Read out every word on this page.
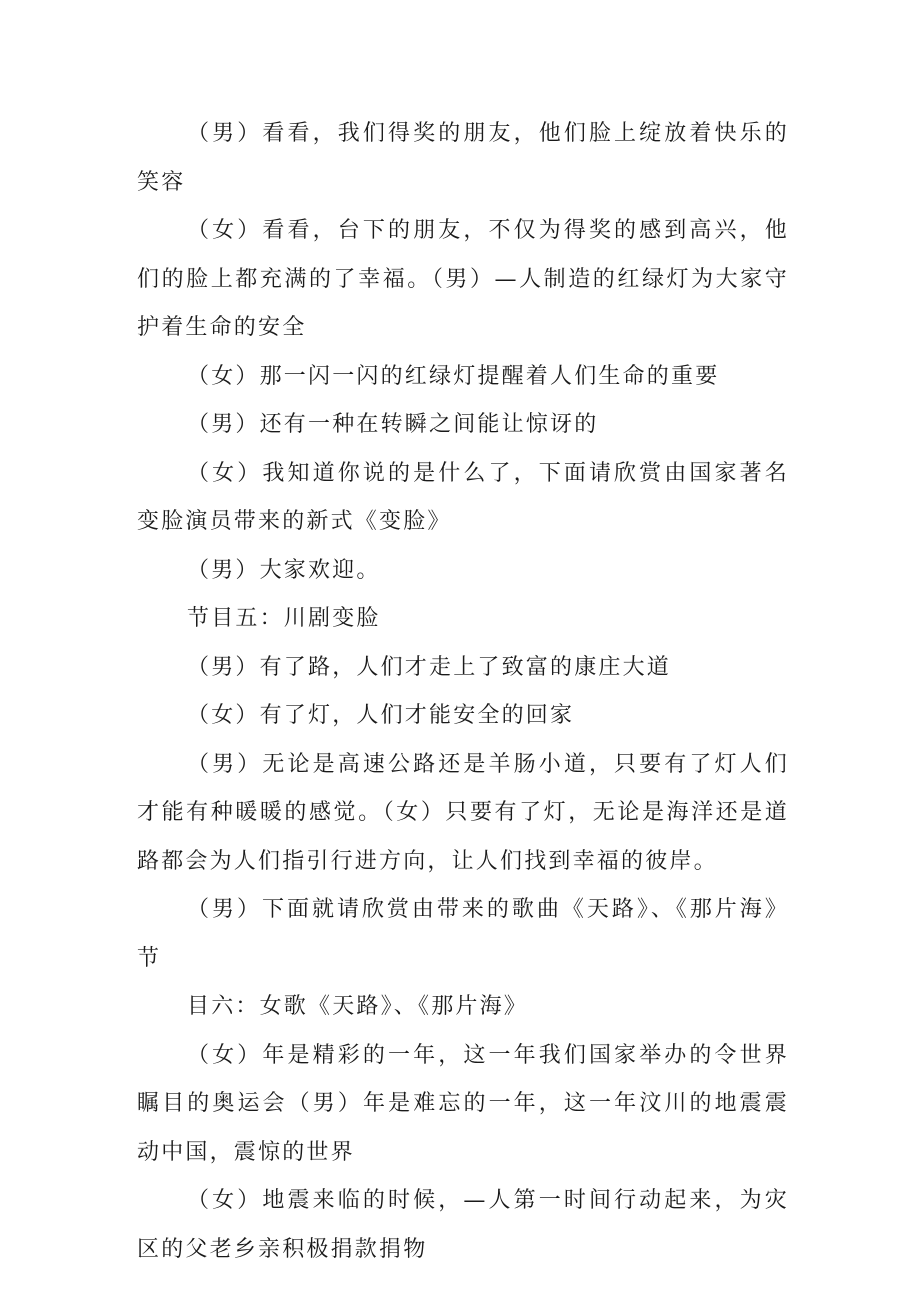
（男）看看，我们得奖的朋友，他们脸上绽放着快乐的笑容

（女）看看，台下的朋友，不仅为得奖的感到高兴，他们的脸上都充满的了幸福。（男）—人制造的红绿灯为大家守护着生命的安全

（女）那一闪一闪的红绿灯提醒着人们生命的重要

（男）还有一种在转瞬之间能让惊讶的

（女）我知道你说的是什么了，下面请欣赏由国家著名变脸演员带来的新式《变脸》

（男）大家欢迎。

节目五：川剧变脸

（男）有了路，人们才走上了致富的康庄大道

（女）有了灯，人们才能安全的回家

（男）无论是高速公路还是羊肠小道，只要有了灯人们才能有种暖暖的感觉。（女）只要有了灯，无论是海洋还是道路都会为人们指引行进方向，让人们找到幸福的彼岸。

（男）下面就请欣赏由带来的歌曲《天路》、《那片海》节

目六：女歌《天路》、《那片海》

（女）年是精彩的一年，这一年我们国家举办的令世界瞩目的奥运会（男）年是难忘的一年，这一年汶川的地震震动中国，震惊的世界

（女）地震来临的时候，—人第一时间行动起来，为灾区的父老乡亲积极捐款捐物
